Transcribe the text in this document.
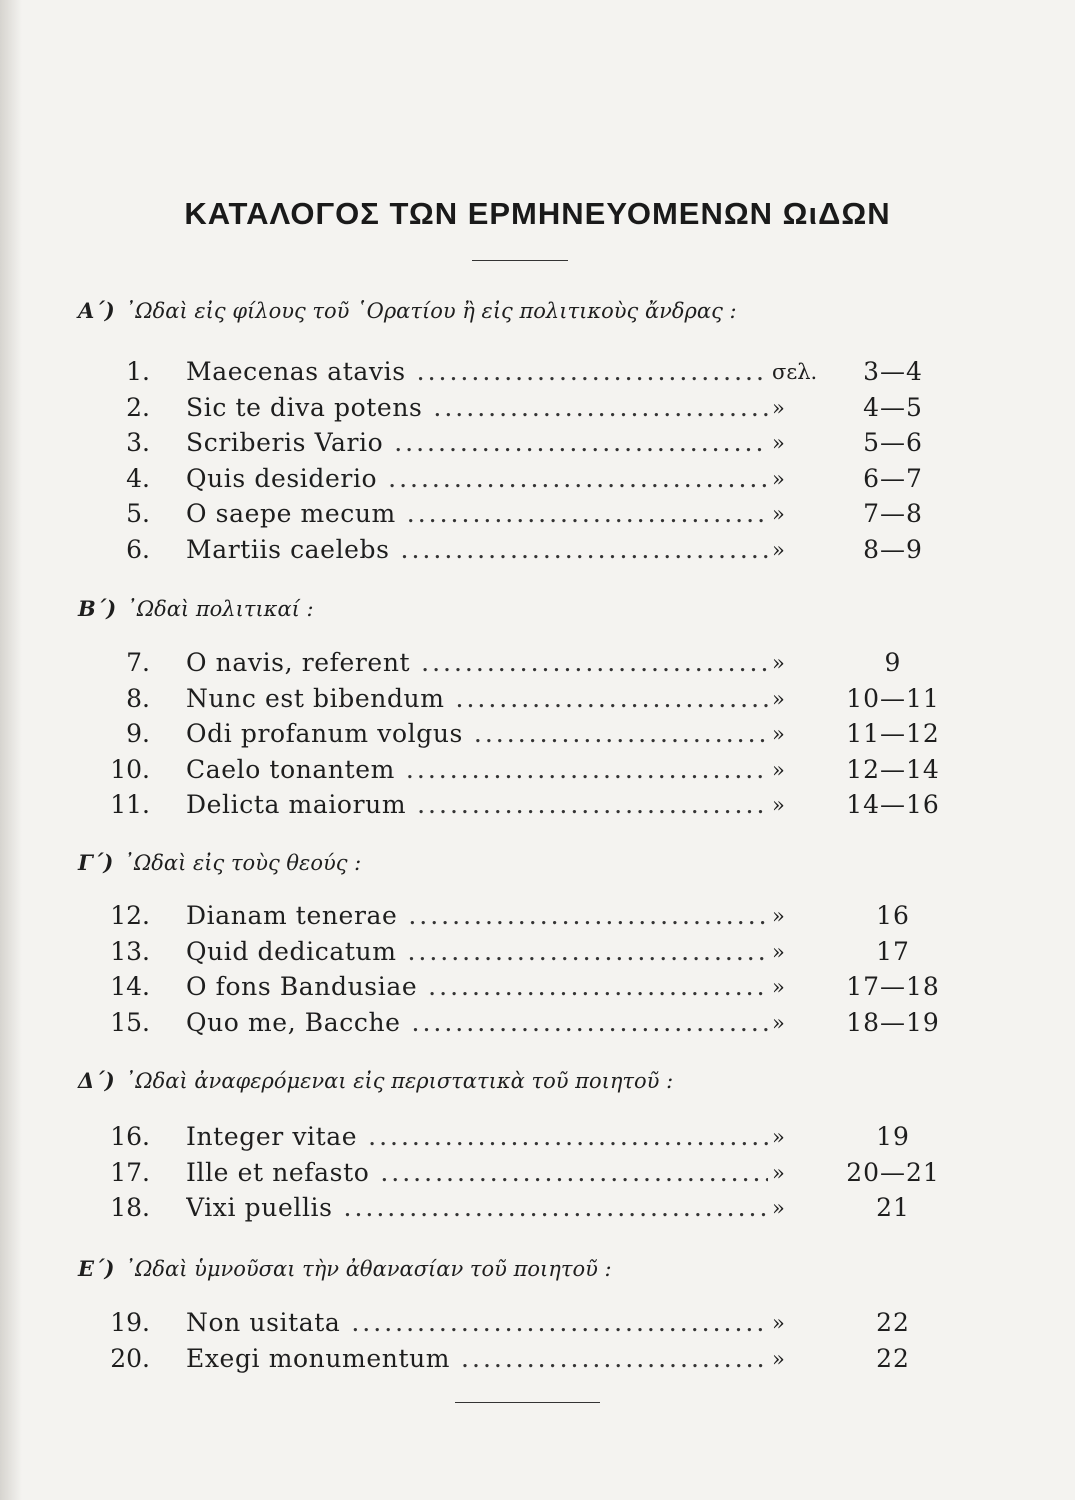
ΚΑΤΑΛΟΓΟΣ ΤΩΝ ΕΡΜΗΝΕΥΟΜΕΝΩΝ ΩιΔΩΝ
Α΄) ᾿Ωδαὶ εἰς φίλους τοῦ ῾Ορατίου ἢ εἰς πολιτικοὺς ἄνδρας :
1. Maecenas atavis .....	σελ.	3—4
2. Sic te diva potens .....	»	4—5
3. Scriberis Vario .....	»	5—6
4. Quis desiderio .....	»	6—7
5. O saepe mecum .....	»	7—8
6. Martiis caelebs .....	»	8—9
Β΄) ᾿Ωδαὶ πολιτικαί :
7. O navis, referent .....	»	9
8. Nunc est bibendum .....	»	10—11
9. Odi profanum volgus .....	»	11—12
10. Caelo tonantem .....	»	12—14
11. Delicta maiorum .....	»	14—16
Γ΄) ᾿Ωδαὶ εἰς τοὺς θεούς :
12. Dianam tenerae .....	»	16
13. Quid dedicatum .....	»	17
14. O fons Bandusiae .....	»	17—18
15. Quo me, Bacche .....	»	18—19
Δ΄) ᾿Ωδαὶ ἀναφερόμεναι εἰς περιστατικὰ τοῦ ποιητοῦ :
16. Integer vitae .....	»	19
17. Ille et nefasto .....	»	20—21
18. Vixi puellis .....	»	21
Ε΄) ᾿Ωδαὶ ὑμνοῦσαι τὴν ἀθανασίαν τοῦ ποιητοῦ :
19. Non usitata .....	»	22
20. Exegi monumentum .....	»	22
